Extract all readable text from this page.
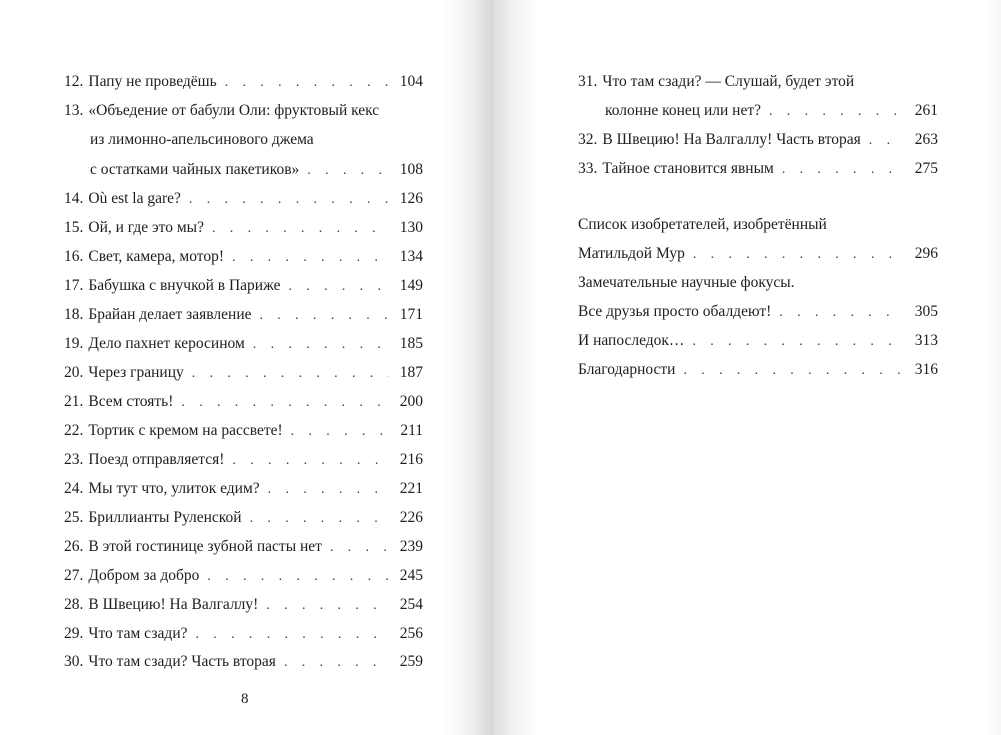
12. Папу не проведёшь . . .	104
13. «Объедение от бабули Оли: фруктовый кекс
из лимонно-апельсинового джема
с остатками чайных пакетиков» . . .	108
14. Où est la gare? . . .	126
15. Ой, и где это мы? . . .	130
16. Свет, камера, мотор! . . .	134
17. Бабушка с внучкой в Париже . . .	149
18. Брайан делает заявление . . .	171
19. Дело пахнет керосином . . .	185
20. Через границу . . .	187
21. Всем стоять! . . .	200
22. Тортик с кремом на рассвете! . . .	211
23. Поезд отправляется! . . .	216
24. Мы тут что, улиток едим? . . .	221
25. Бриллианты Руленской . . .	226
26. В этой гостинице зубной пасты нет . . .	239
27. Добром за добро . . .	245
28. В Швецию! На Валгаллу! . . .	254
29. Что там сзади? . . .	256
30. Что там сзади? Часть вторая . . .	259
8
31. Что там сзади? — Слушай, будет этой
колонне конец или нет? . . .	261
32. В Швецию! На Валгаллу! Часть вторая . . .	263
33. Тайное становится явным . . .	275
Список изобретателей, изобретённый
Матильдой Мур . . .	296
Замечательные научные фокусы.
Все друзья просто обалдеют! . . .	305
И напоследок… . . .	313
Благодарности . . .	316
